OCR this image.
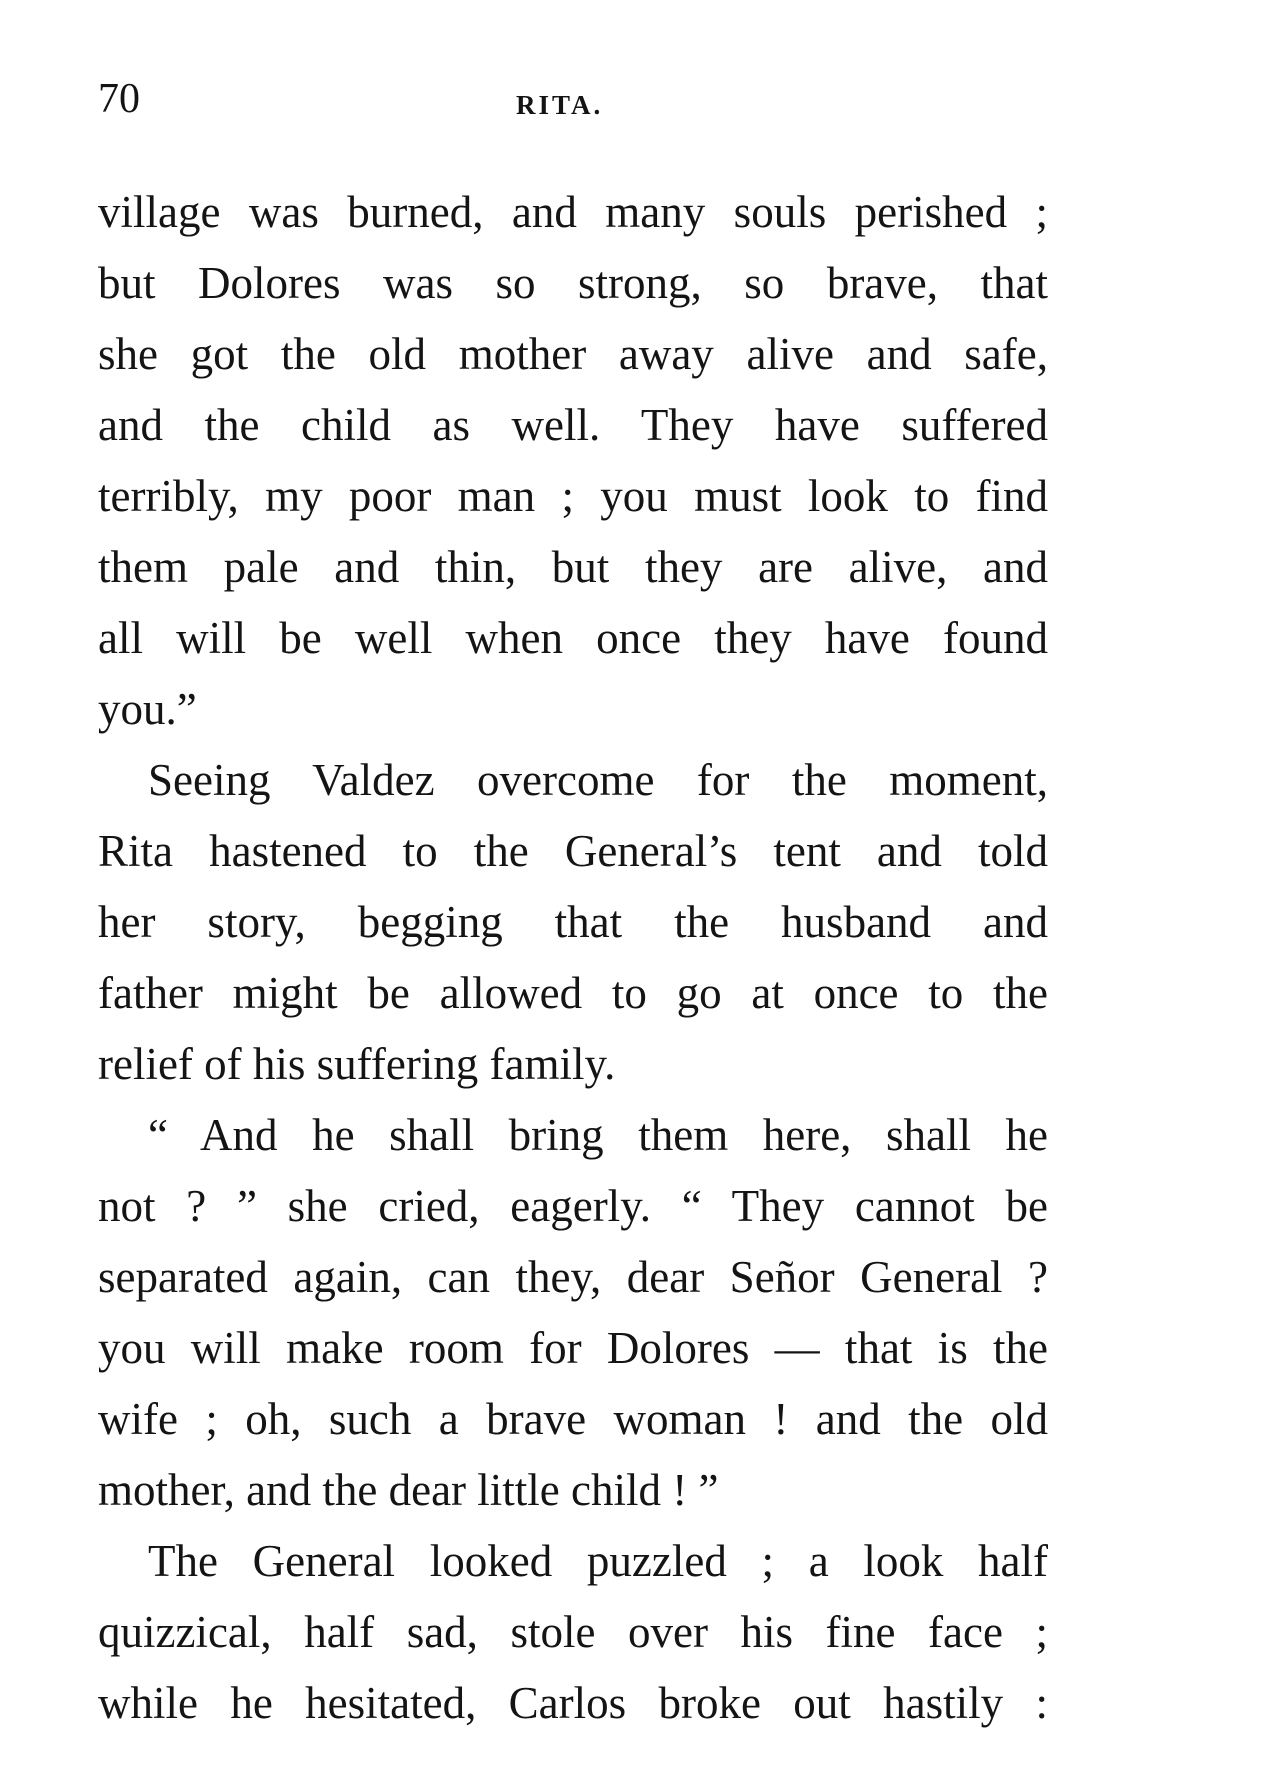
70	RITA.
village was burned, and many souls perished ;
but Dolores was so strong, so brave, that
she got the old mother away alive and safe,
and the child as well. They have suffered
terribly, my poor man ; you must look to find
them pale and thin, but they are alive, and
all will be well when once they have found
you.”
Seeing Valdez overcome for the moment,
Rita hastened to the General’s tent and told
her story, begging that the husband and
father might be allowed to go at once to the
relief of his suffering family.
“ And he shall bring them here, shall he
not ? ” she cried, eagerly. “ They cannot be
separated again, can they, dear Señor General ?
you will make room for Dolores — that is the
wife ; oh, such a brave woman ! and the old
mother, and the dear little child ! ”
The General looked puzzled ; a look half
quizzical, half sad, stole over his fine face ;
while he hesitated, Carlos broke out hastily :
